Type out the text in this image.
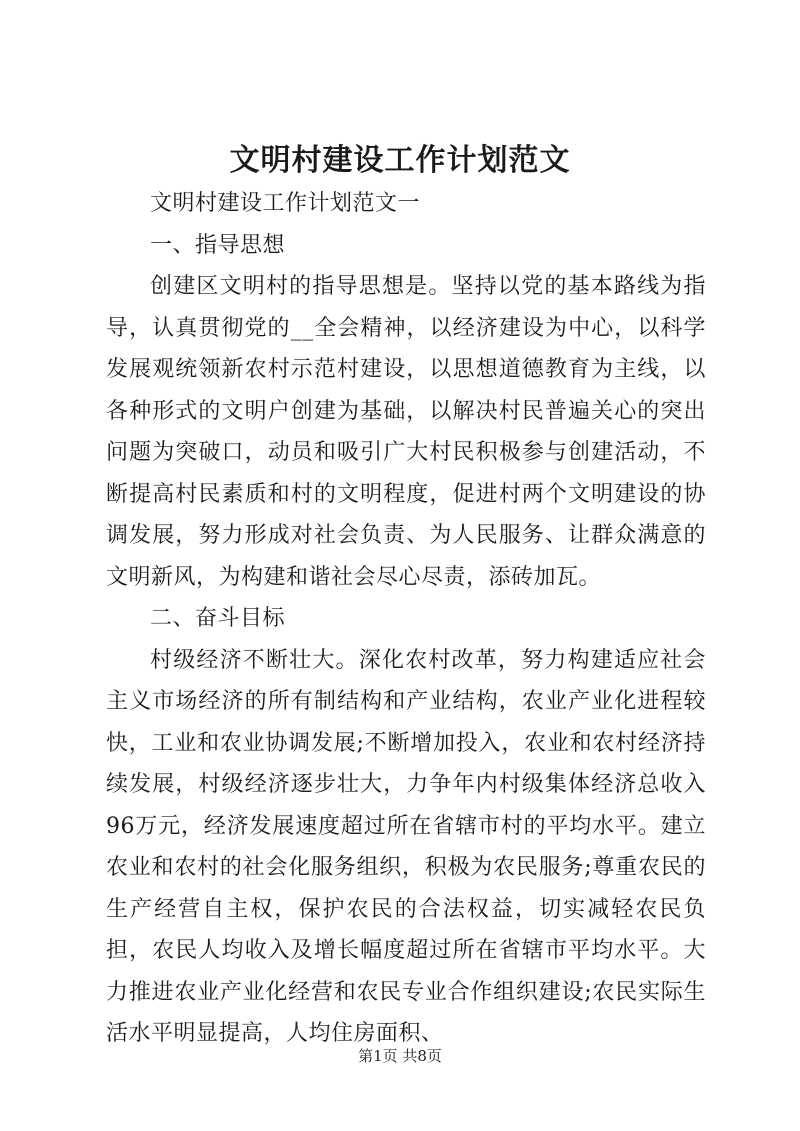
文明村建设工作计划范文

文明村建设工作计划范文一

一、指导思想

创建区文明村的指导思想是。坚持以党的基本路线为指导，认真贯彻党的__全会精神，以经济建设为中心，以科学发展观统领新农村示范村建设，以思想道德教育为主线，以各种形式的文明户创建为基础，以解决村民普遍关心的突出问题为突破口，动员和吸引广大村民积极参与创建活动，不断提高村民素质和村的文明程度，促进村两个文明建设的协调发展，努力形成对社会负责、为人民服务、让群众满意的文明新风，为构建和谐社会尽心尽责，添砖加瓦。

二、奋斗目标

村级经济不断壮大。深化农村改革，努力构建适应社会主义市场经济的所有制结构和产业结构，农业产业化进程较快，工业和农业协调发展;不断增加投入，农业和农村经济持续发展，村级经济逐步壮大，力争年内村级集体经济总收入96万元，经济发展速度超过所在省辖市村的平均水平。建立农业和农村的社会化服务组织，积极为农民服务;尊重农民的生产经营自主权，保护农民的合法权益，切实减轻农民负担，农民人均收入及增长幅度超过所在省辖市平均水平。大力推进农业产业化经营和农民专业合作组织建设;农民实际生活水平明显提高，人均住房面积、

第1页 共8页
